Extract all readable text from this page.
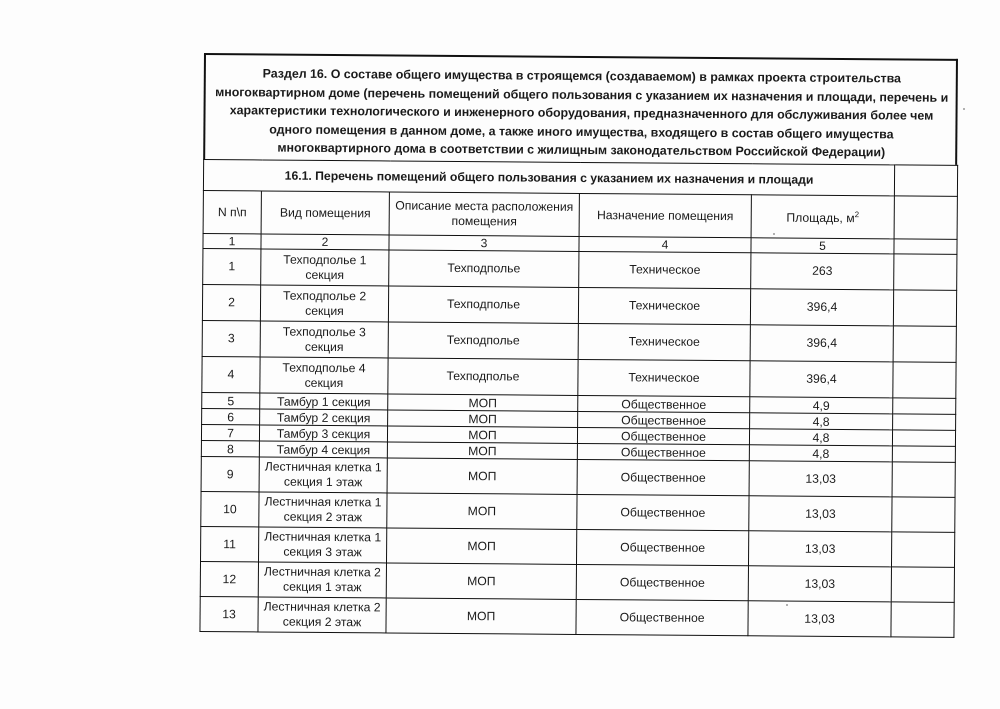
Раздел 16. О составе общего имущества в строящемся (создаваемом) в рамках проекта строительства многоквартирном доме (перечень помещений общего пользования с указанием их назначения и площади, перечень и характеристики технологического и инженерного оборудования, предназначенного для обслуживания более чем одного помещения в данном доме, а также иного имущества, входящего в состав общего имущества многоквартирного дома в соответствии с жилищным законодательством Российской Федерации)

16.1. Перечень помещений общего пользования с указанием их назначения и площади					
N п\п	Вид помещения	Описание места расположения помещения	Назначение помещения	Площадь, $м^2$	
1	2	3	4	5	
1	Техподполье 1 секция	Техподполье	Техническое	263	
2	Техподполье 2 секция	Техподполье	Техническое	396,4	
3	Техподполье 3 секция	Техподполье	Техническое	396,4	
4	Техподполье 4 секция	Техподполье	Техническое	396,4	
5	Тамбур 1 секция	МОП	Общественное	4,9	
6	Тамбур 2 секция	МОП	Общественное	4,8	
7	Тамбур 3 секция	МОП	Общественное	4,8	
8	Тамбур 4 секция	МОП	Общественное	4,8	
9	Лестничная клетка 1 секция 1 этаж	МОП	Общественное	13,03	
10	Лестничная клетка 1 секция 2 этаж	МОП	Общественное	13,03	
11	Лестничная клетка 1 секция 3 этаж	МОП	Общественное	13,03	
12	Лестничная клетка 2 секция 1 этаж	МОП	Общественное	13,03	
13	Лестничная клетка 2 секция 2 этаж	МОП	Общественное	13,03	
